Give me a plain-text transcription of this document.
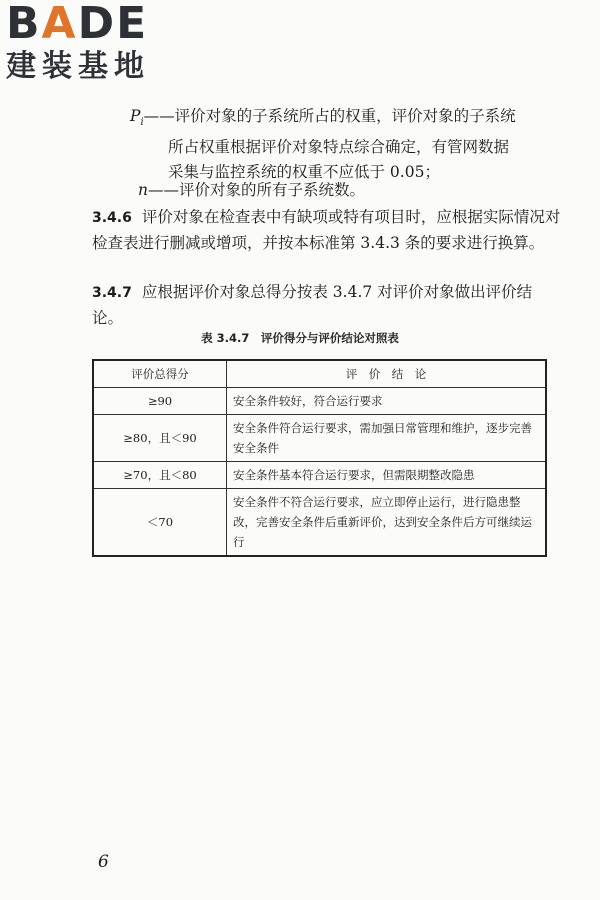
BADE
建装基地
$P_i——$评价对象的子系统所占的权重，评价对象的子系统
所占权重根据评价对象特点综合确定，有管网数据
采集与监控系统的权重不应低于 0.05；
n——评价对象的所有子系统数。
3.4.6 评价对象在检查表中有缺项或特有项目时，应根据实际情况对检查表进行删减或增项，并按本标准第 3.4.3 条的要求进行换算。
3.4.7 应根据评价对象总得分按表 3.4.7 对评价对象做出评价结论。
表 3.4.7　评价得分与评价结论对照表
评价总得分	评　价　结　论
≥90	安全条件较好，符合运行要求
≥80，且＜90	安全条件符合运行要求，需加强日常管理和维护，逐步完善安全条件
≥70，且＜80	安全条件基本符合运行要求，但需限期整改隐患
＜70	安全条件不符合运行要求，应立即停止运行，进行隐患整改，完善安全条件后重新评价，达到安全条件后方可继续运行
6
